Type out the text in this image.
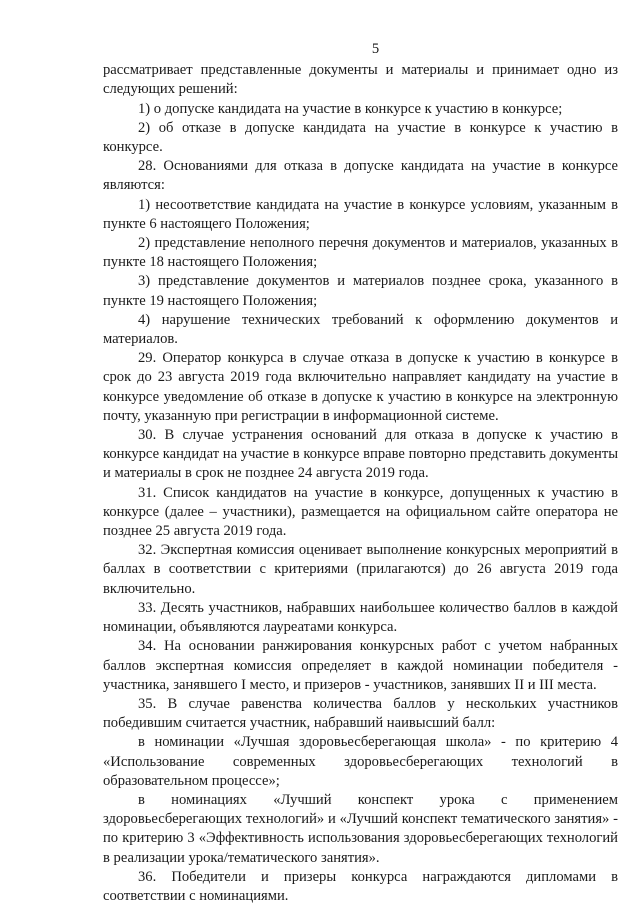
5

рассматривает представленные документы и материалы и принимает одно из следующих решений:

1) о допуске кандидата на участие в конкурсе к участию в конкурсе;

2) об отказе в допуске кандидата на участие в конкурсе к участию в конкурсе.

28. Основаниями для отказа в допуске кандидата на участие в конкурсе являются:

1) несоответствие кандидата на участие в конкурсе условиям, указанным в пункте 6 настоящего Положения;

2) представление неполного перечня документов и материалов, указанных в пункте 18 настоящего Положения;

3) представление документов и материалов позднее срока, указанного в пункте 19 настоящего Положения;

4) нарушение технических требований к оформлению документов и материалов.

29. Оператор конкурса в случае отказа в допуске к участию в конкурсе в срок до 23 августа 2019 года включительно направляет кандидату на участие в конкурсе уведомление об отказе в допуске к участию в конкурсе на электронную почту, указанную при регистрации в информационной системе.

30. В случае устранения оснований для отказа в допуске к участию в конкурсе кандидат на участие в конкурсе вправе повторно представить документы и материалы в срок не позднее 24 августа 2019 года.

31. Список кандидатов на участие в конкурсе, допущенных к участию в конкурсе (далее – участники), размещается на официальном сайте оператора не позднее 25 августа 2019 года.

32. Экспертная комиссия оценивает выполнение конкурсных мероприятий в баллах в соответствии с критериями (прилагаются) до 26 августа 2019 года включительно.

33. Десять участников, набравших наибольшее количество баллов в каждой номинации, объявляются лауреатами конкурса.

34. На основании ранжирования конкурсных работ с учетом набранных баллов экспертная комиссия определяет в каждой номинации победителя - участника, занявшего I место, и призеров - участников, занявших II и III места.

35. В случае равенства количества баллов у нескольких участников победившим считается участник, набравший наивысший балл:

в номинации «Лучшая здоровьесберегающая школа» - по критерию 4 «Использование современных здоровьесберегающих технологий в образовательном процессе»;

в номинациях «Лучший конспект урока с применением здоровьесберегающих технологий» и «Лучший конспект тематического занятия» - по критерию 3 «Эффективность использования здоровьесберегающих технологий в реализации урока/тематического занятия».

36. Победители и призеры конкурса награждаются дипломами в соответствии с номинациями.
